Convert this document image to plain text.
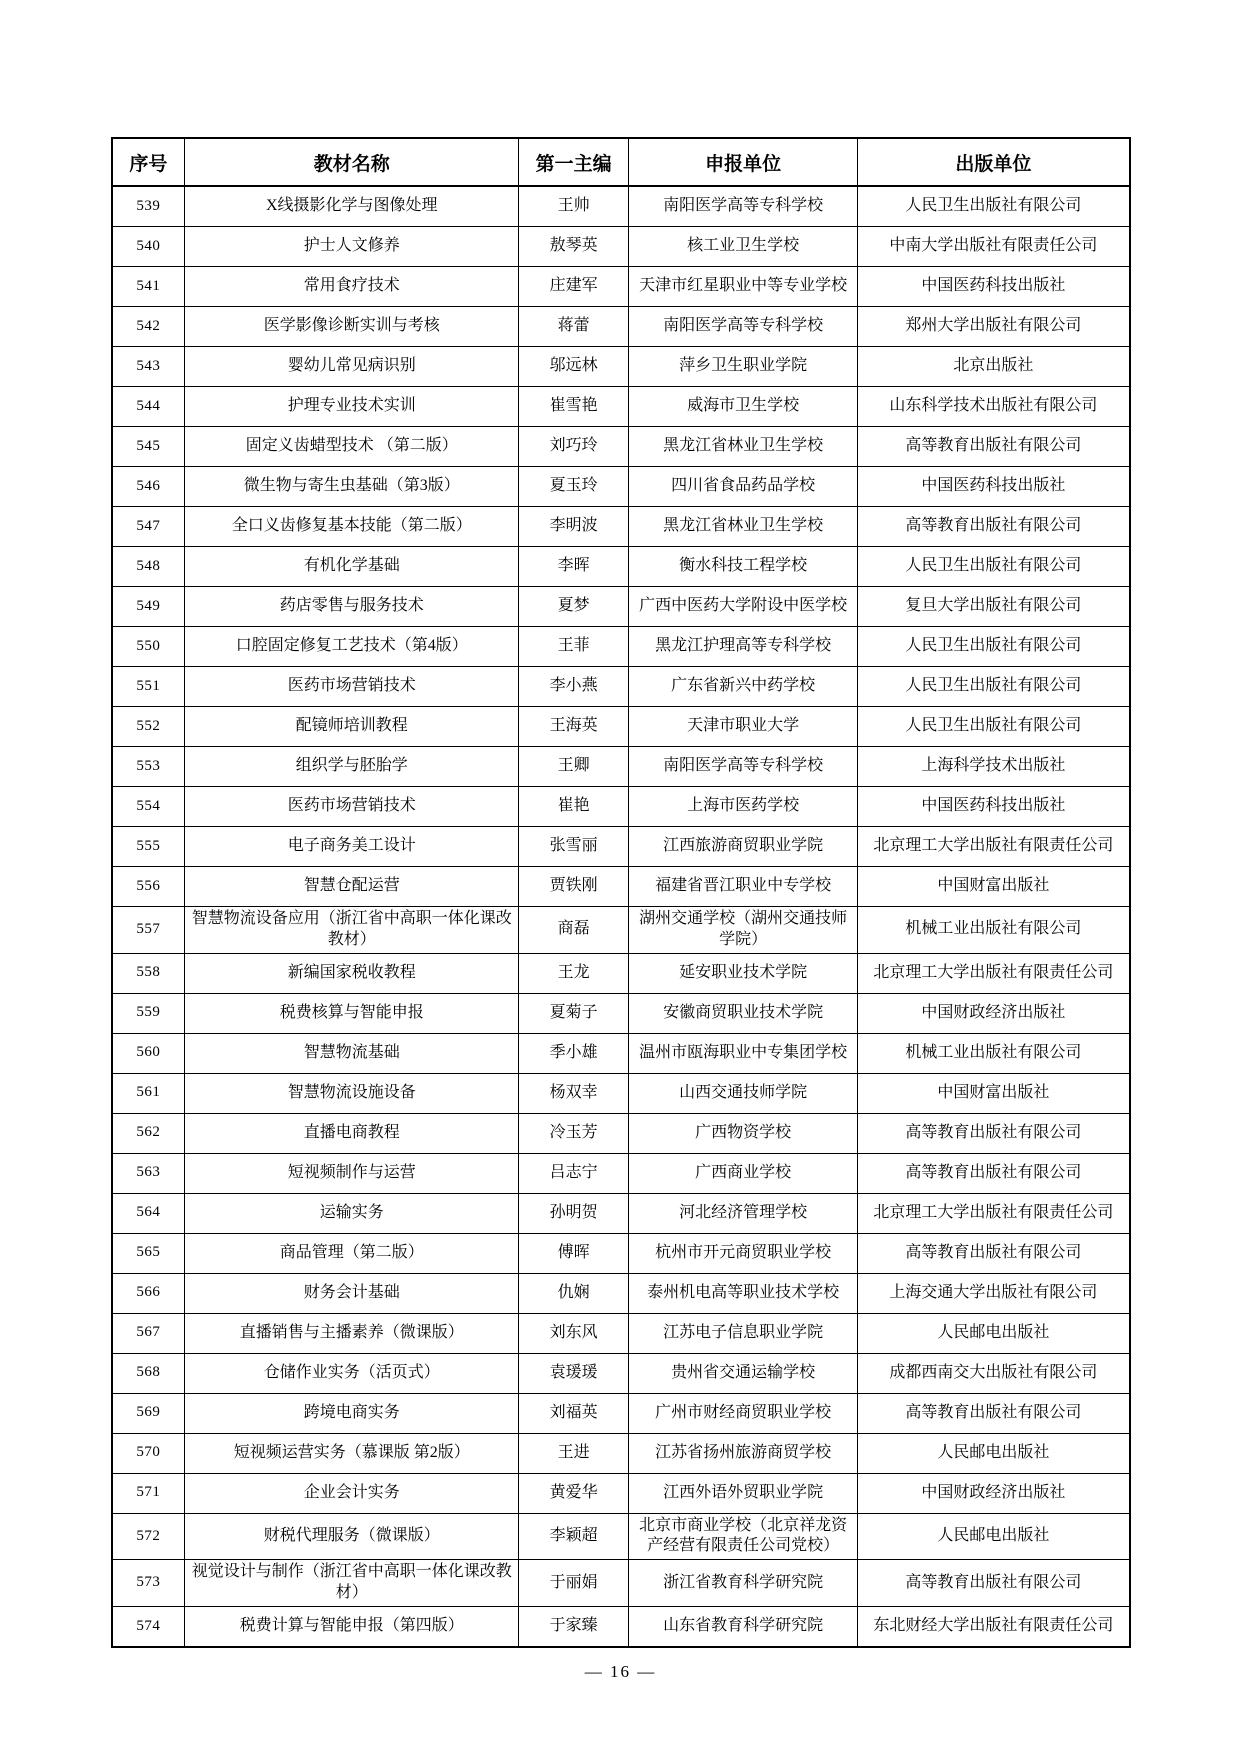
序号	教材名称	第一主编	申报单位	出版单位
539	X线摄影化学与图像处理	王帅	南阳医学高等专科学校	人民卫生出版社有限公司
540	护士人文修养	敖琴英	核工业卫生学校	中南大学出版社有限责任公司
541	常用食疗技术	庄建军	天津市红星职业中等专业学校	中国医药科技出版社
542	医学影像诊断实训与考核	蒋蕾	南阳医学高等专科学校	郑州大学出版社有限公司
543	婴幼儿常见病识别	邬远林	萍乡卫生职业学院	北京出版社
544	护理专业技术实训	崔雪艳	威海市卫生学校	山东科学技术出版社有限公司
545	固定义齿蜡型技术 （第二版）	刘巧玲	黑龙江省林业卫生学校	高等教育出版社有限公司
546	微生物与寄生虫基础（第3版）	夏玉玲	四川省食品药品学校	中国医药科技出版社
547	全口义齿修复基本技能（第二版）	李明波	黑龙江省林业卫生学校	高等教育出版社有限公司
548	有机化学基础	李晖	衡水科技工程学校	人民卫生出版社有限公司
549	药店零售与服务技术	夏梦	广西中医药大学附设中医学校	复旦大学出版社有限公司
550	口腔固定修复工艺技术（第4版）	王菲	黑龙江护理高等专科学校	人民卫生出版社有限公司
551	医药市场营销技术	李小燕	广东省新兴中药学校	人民卫生出版社有限公司
552	配镜师培训教程	王海英	天津市职业大学	人民卫生出版社有限公司
553	组织学与胚胎学	王卿	南阳医学高等专科学校	上海科学技术出版社
554	医药市场营销技术	崔艳	上海市医药学校	中国医药科技出版社
555	电子商务美工设计	张雪丽	江西旅游商贸职业学院	北京理工大学出版社有限责任公司
556	智慧仓配运营	贾铁刚	福建省晋江职业中专学校	中国财富出版社
557	智慧物流设备应用（浙江省中高职一体化课改教材）	商磊	湖州交通学校（湖州交通技师学院）	机械工业出版社有限公司
558	新编国家税收教程	王龙	延安职业技术学院	北京理工大学出版社有限责任公司
559	税费核算与智能申报	夏菊子	安徽商贸职业技术学院	中国财政经济出版社
560	智慧物流基础	季小雄	温州市瓯海职业中专集团学校	机械工业出版社有限公司
561	智慧物流设施设备	杨双幸	山西交通技师学院	中国财富出版社
562	直播电商教程	冷玉芳	广西物资学校	高等教育出版社有限公司
563	短视频制作与运营	吕志宁	广西商业学校	高等教育出版社有限公司
564	运输实务	孙明贺	河北经济管理学校	北京理工大学出版社有限责任公司
565	商品管理（第二版）	傅晖	杭州市开元商贸职业学校	高等教育出版社有限公司
566	财务会计基础	仇娴	泰州机电高等职业技术学校	上海交通大学出版社有限公司
567	直播销售与主播素养（微课版）	刘东风	江苏电子信息职业学院	人民邮电出版社
568	仓储作业实务（活页式）	袁瑗瑗	贵州省交通运输学校	成都西南交大出版社有限公司
569	跨境电商实务	刘福英	广州市财经商贸职业学校	高等教育出版社有限公司
570	短视频运营实务（慕课版 第2版）	王进	江苏省扬州旅游商贸学校	人民邮电出版社
571	企业会计实务	黄爱华	江西外语外贸职业学院	中国财政经济出版社
572	财税代理服务（微课版）	李颖超	北京市商业学校（北京祥龙资产经营有限责任公司党校）	人民邮电出版社
573	视觉设计与制作（浙江省中高职一体化课改教材）	于丽娟	浙江省教育科学研究院	高等教育出版社有限公司
574	税费计算与智能申报（第四版）	于家臻	山东省教育科学研究院	东北财经大学出版社有限责任公司
— 16 —
